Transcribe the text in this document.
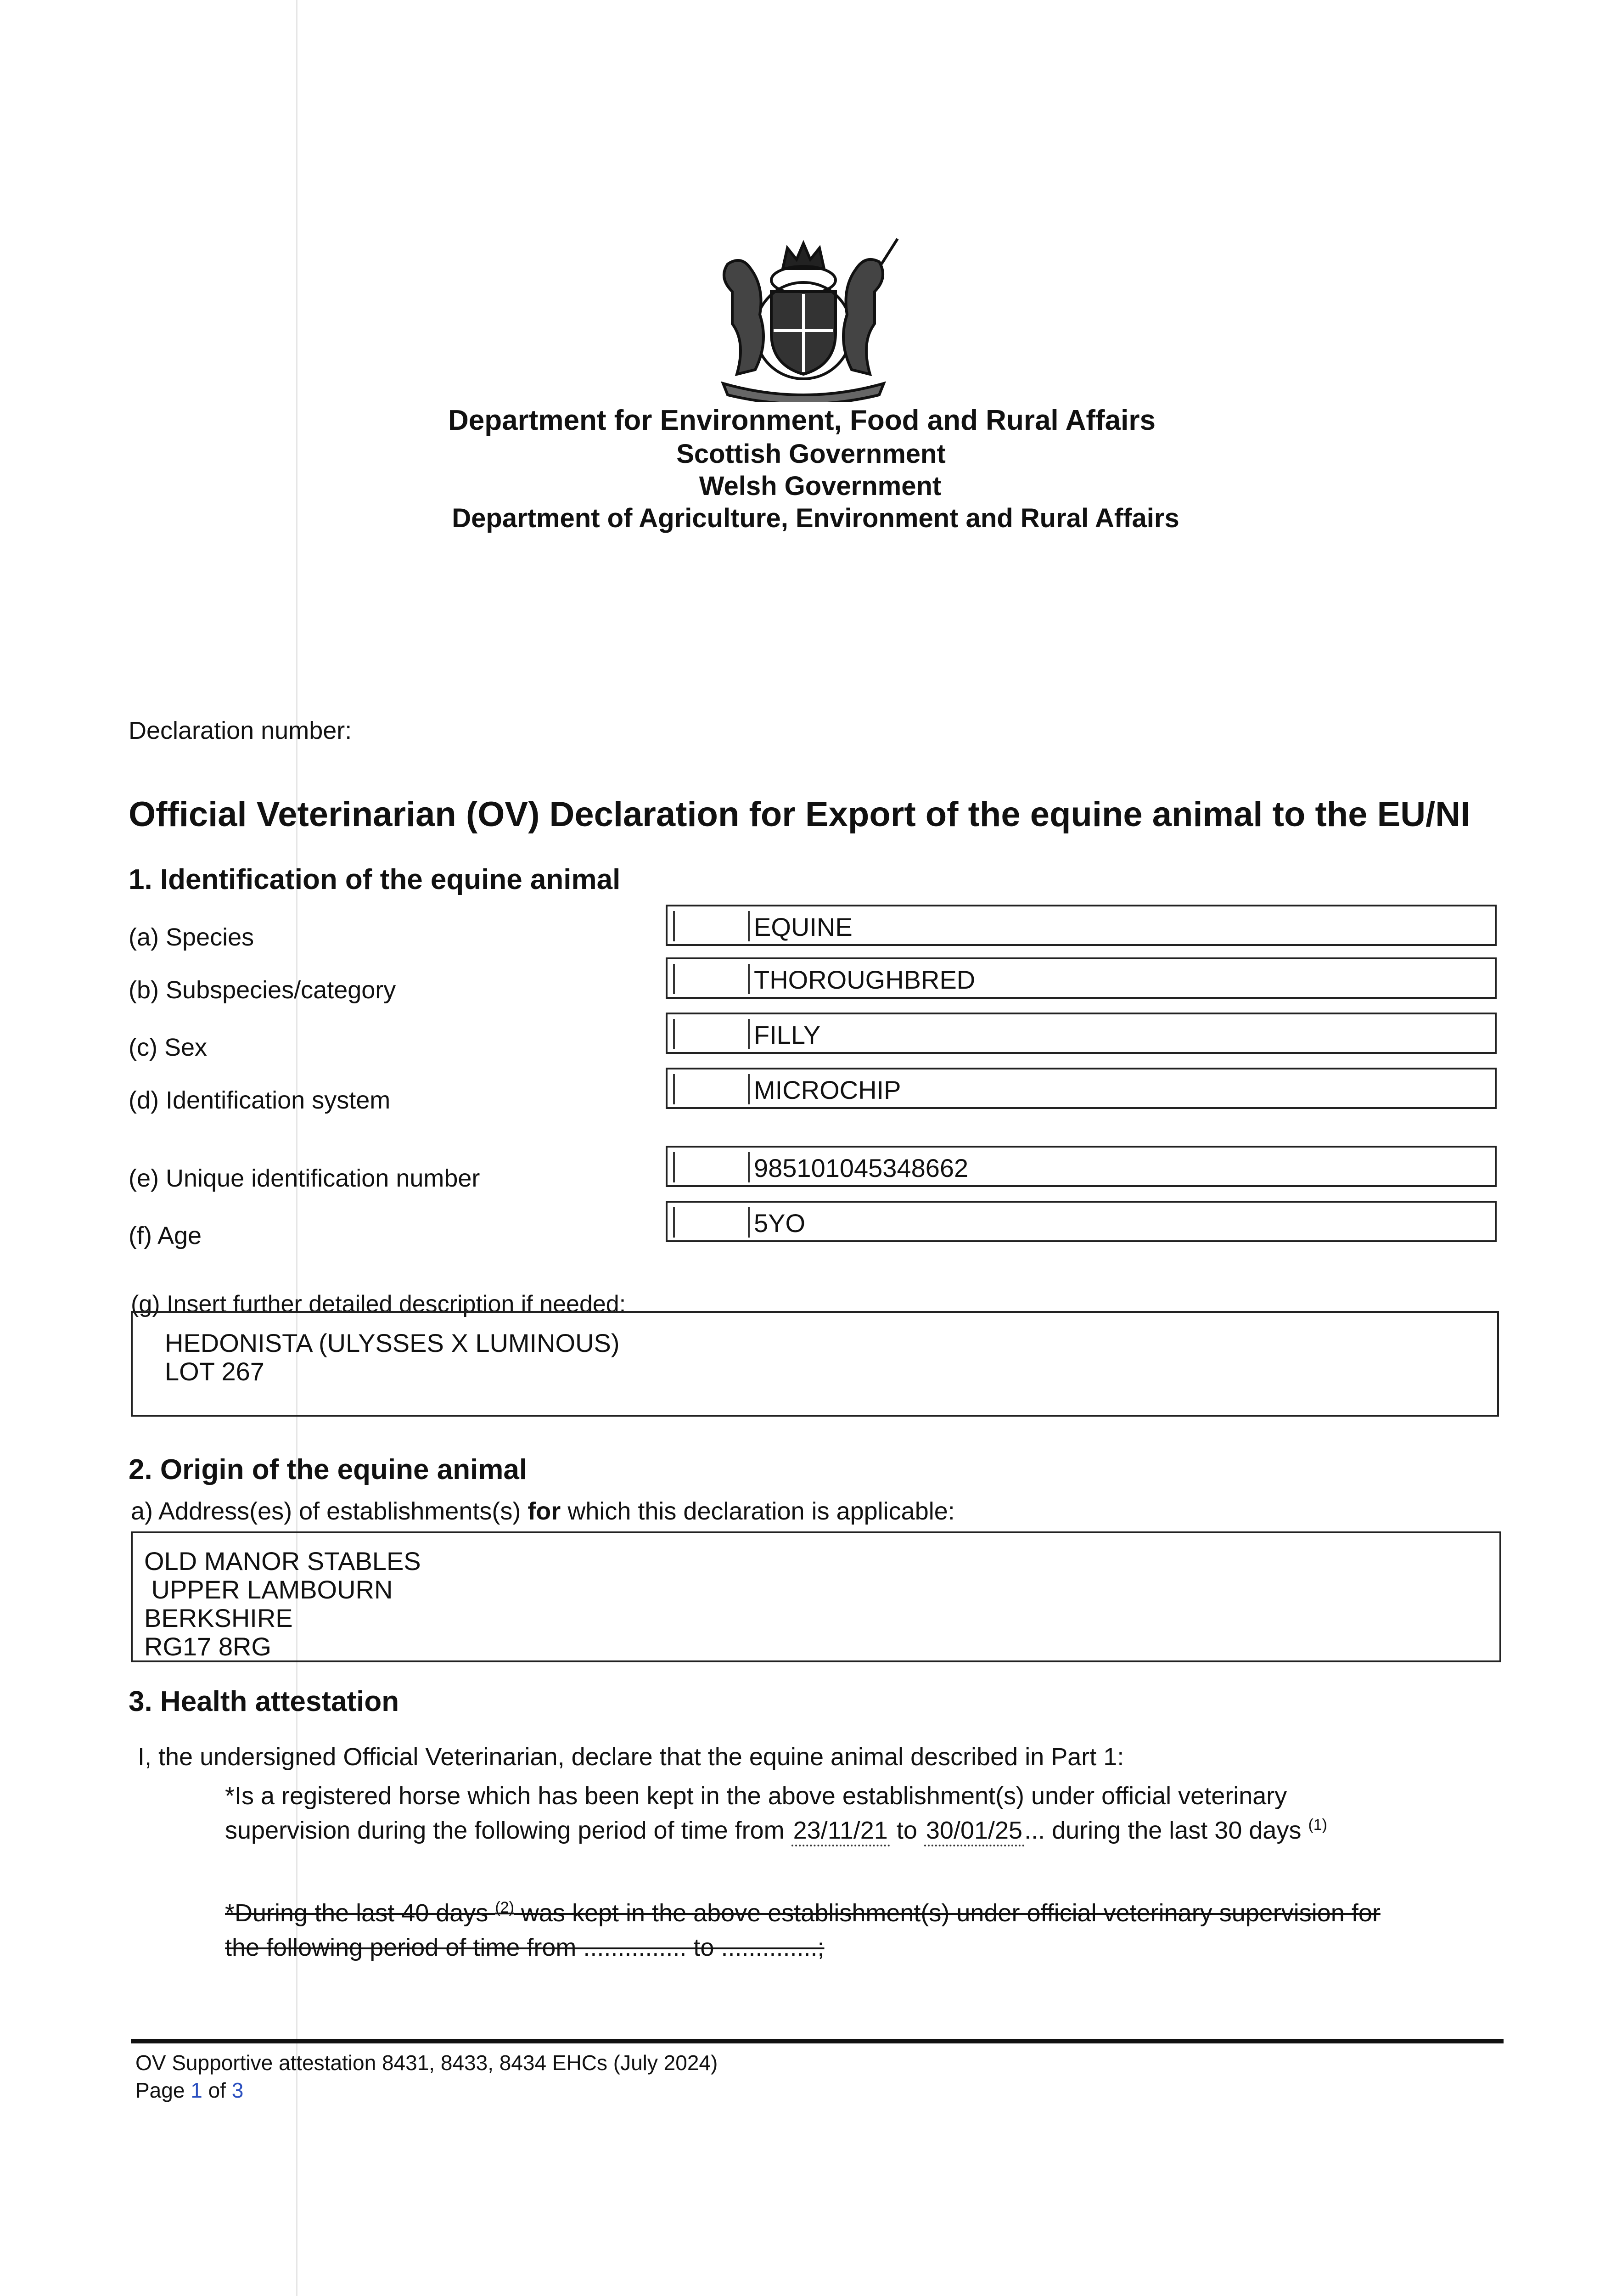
Department for Environment, Food and Rural Affairs
Scottish Government
Welsh Government
Department of Agriculture, Environment and Rural Affairs
Declaration number:
Official Veterinarian (OV) Declaration for Export of the equine animal to the EU/NI
1. Identification of the equine animal
(a) Species	EQUINE
(b) Subspecies/category	THOROUGHBRED
(c) Sex	FILLY
(d) Identification system	MICROCHIP
(e) Unique identification number	985101045348662
(f) Age	5YO
(g) Insert further detailed description if needed:
HEDONISTA (ULYSSES X LUMINOUS)
LOT 267
2. Origin of the equine animal
a) Address(es) of establishments(s) for which this declaration is applicable:
OLD MANOR STABLES
UPPER LAMBOURN
BERKSHIRE
RG17 8RG
3. Health attestation
I, the undersigned Official Veterinarian, declare that the equine animal described in Part 1:
*Is a registered horse which has been kept in the above establishment(s) under official veterinary
supervision during the following period of time from 23/11/21 to 30/01/25... during the last 30 days $^{(1)}$
*During the last 40 days $^{(2)}$ was kept in the above establishment(s) under official veterinary supervision for
the following period of time from ............... to ..............;
OV Supportive attestation 8431, 8433, 8434 EHCs (July 2024)
Page 1 of 3
